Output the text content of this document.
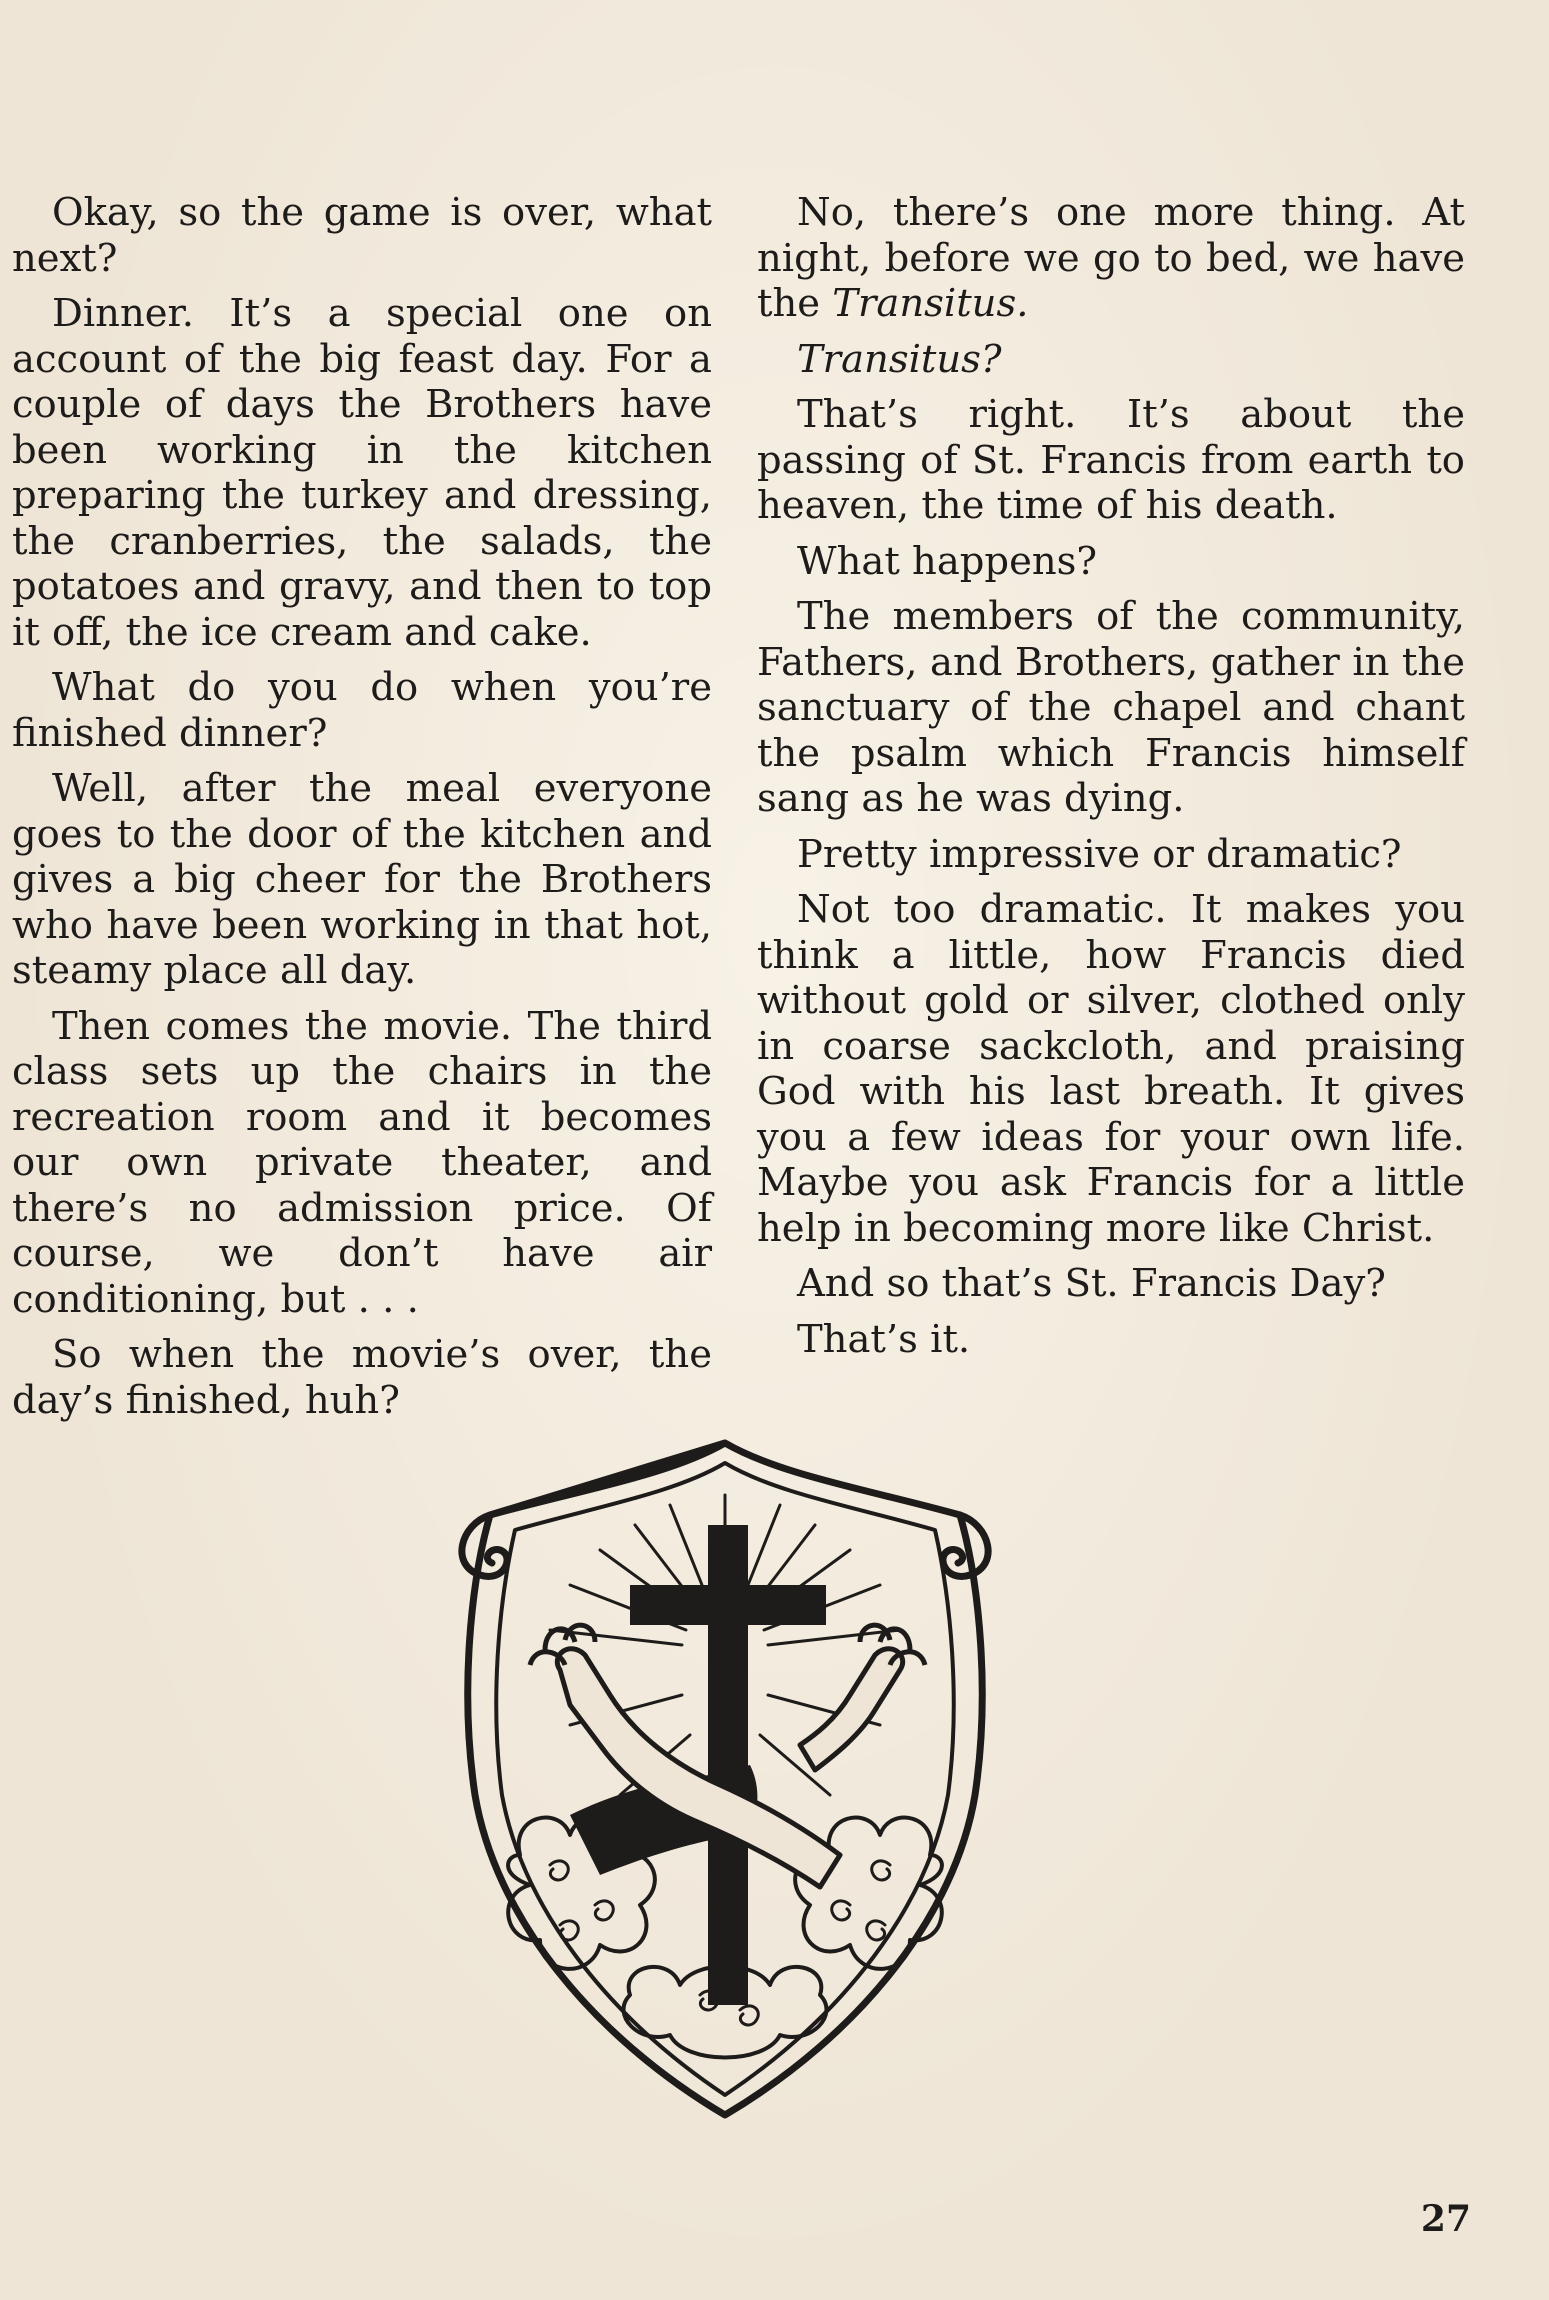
Okay, so the game is over, what next?

Dinner. It’s a special one on account of the big feast day. For a couple of days the Brothers have been working in the kitchen preparing the turkey and dressing, the cranberries, the salads, the potatoes and gravy, and then to top it off, the ice cream and cake.

What do you do when you’re finished dinner?

Well, after the meal everyone goes to the door of the kitchen and gives a big cheer for the Brothers who have been working in that hot, steamy place all day.

Then comes the movie. The third class sets up the chairs in the recreation room and it becomes our own private theater, and there’s no admission price. Of course, we don’t have air conditioning, but . . .

So when the movie’s over, the day’s finished, huh?

No, there’s one more thing. At night, before we go to bed, we have the Transitus.

Transitus?

That’s right. It’s about the passing of St. Francis from earth to heaven, the time of his death.

What happens?

The members of the community, Fathers, and Brothers, gather in the sanctuary of the chapel and chant the psalm which Francis himself sang as he was dying.

Pretty impressive or dramatic?

Not too dramatic. It makes you think a little, how Francis died without gold or silver, clothed only in coarse sackcloth, and praising God with his last breath. It gives you a few ideas for your own life. Maybe you ask Francis for a little help in becoming more like Christ.

And so that’s St. Francis Day?

That’s it.

27
